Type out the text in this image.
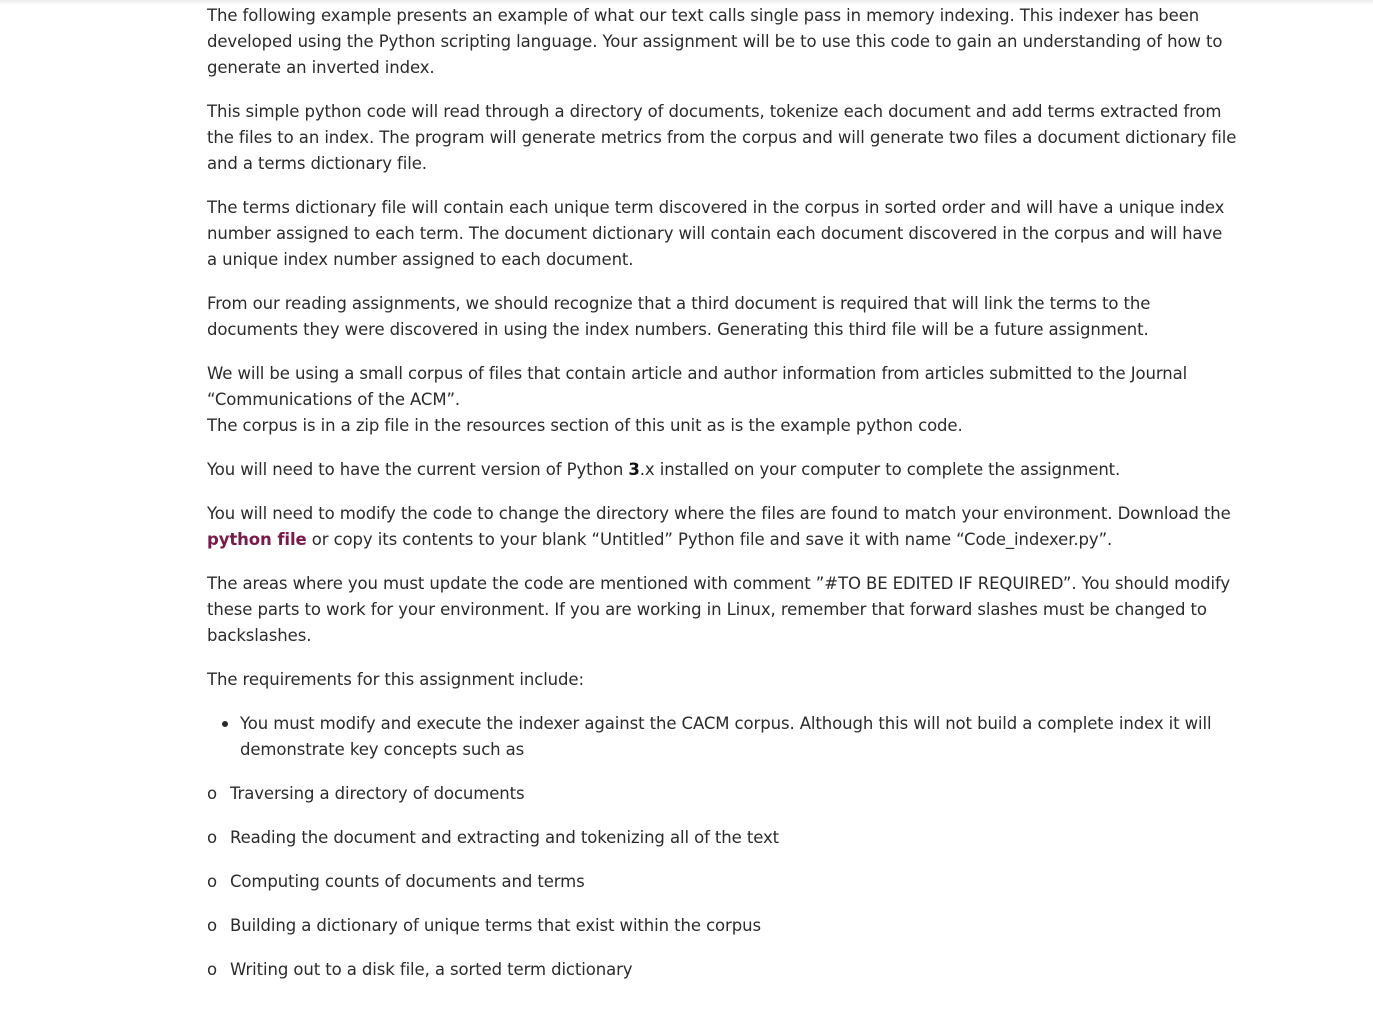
The following example presents an example of what our text calls single pass in memory indexing. This indexer has been developed using the Python scripting language. Your assignment will be to use this code to gain an understanding of how to generate an inverted index.

This simple python code will read through a directory of documents, tokenize each document and add terms extracted from the files to an index. The program will generate metrics from the corpus and will generate two files a document dictionary file and a terms dictionary file.

The terms dictionary file will contain each unique term discovered in the corpus in sorted order and will have a unique index number assigned to each term. The document dictionary will contain each document discovered in the corpus and will have a unique index number assigned to each document.

From our reading assignments, we should recognize that a third document is required that will link the terms to the documents they were discovered in using the index numbers. Generating this third file will be a future assignment.

We will be using a small corpus of files that contain article and author information from articles submitted to the Journal “Communications of the ACM”.
The corpus is in a zip file in the resources section of this unit as is the example python code.

You will need to have the current version of Python 3.x installed on your computer to complete the assignment.

You will need to modify the code to change the directory where the files are found to match your environment. Download the python file or copy its contents to your blank “Untitled” Python file and save it with name “Code_indexer.py”.

The areas where you must update the code are mentioned with comment ”#TO BE EDITED IF REQUIRED”. You should modify these parts to work for your environment. If you are working in Linux, remember that forward slashes must be changed to backslashes.

The requirements for this assignment include:

You must modify and execute the indexer against the CACM corpus. Although this will not build a complete index it will demonstrate key concepts such as
o Traversing a directory of documents
o Reading the document and extracting and tokenizing all of the text
o Computing counts of documents and terms
o Building a dictionary of unique terms that exist within the corpus
o Writing out to a disk file, a sorted term dictionary
